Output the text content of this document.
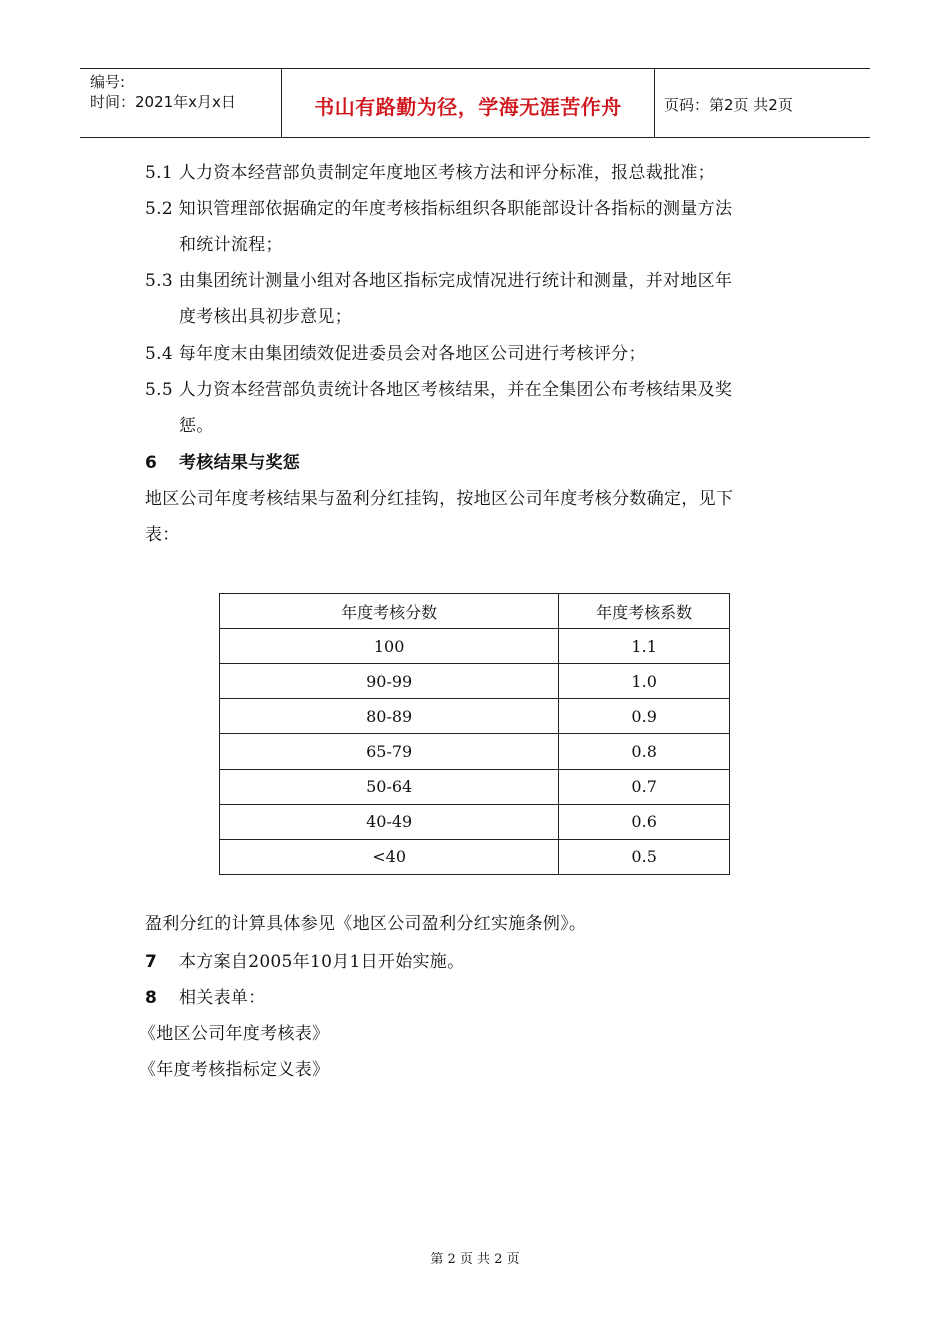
编号:
时间：2021年x月x日	书山有路勤为径，学海无涯苦作舟	页码：第2页 共2页
5.1 人力资本经营部负责制定年度地区考核方法和评分标准，报总裁批准；
5.2 知识管理部依据确定的年度考核指标组织各职能部设计各指标的测量方法
和统计流程；
5.3 由集团统计测量小组对各地区指标完成情况进行统计和测量，并对地区年
度考核出具初步意见；
5.4 每年度末由集团绩效促进委员会对各地区公司进行考核评分；
5.5 人力资本经营部负责统计各地区考核结果，并在全集团公布考核结果及奖
惩。
6 考核结果与奖惩
地区公司年度考核结果与盈利分红挂钩，按地区公司年度考核分数确定，见下
表：
年度考核分数	年度考核系数
100	1.1
90-99	1.0
80-89	0.9
65-79	0.8
50-64	0.7
40-49	0.6
<40	0.5
盈利分红的计算具体参见《地区公司盈利分红实施条例》。
7 本方案自2005年10月1日开始实施。
8 相关表单：
《地区公司年度考核表》
《年度考核指标定义表》
第 2 页 共 2 页
